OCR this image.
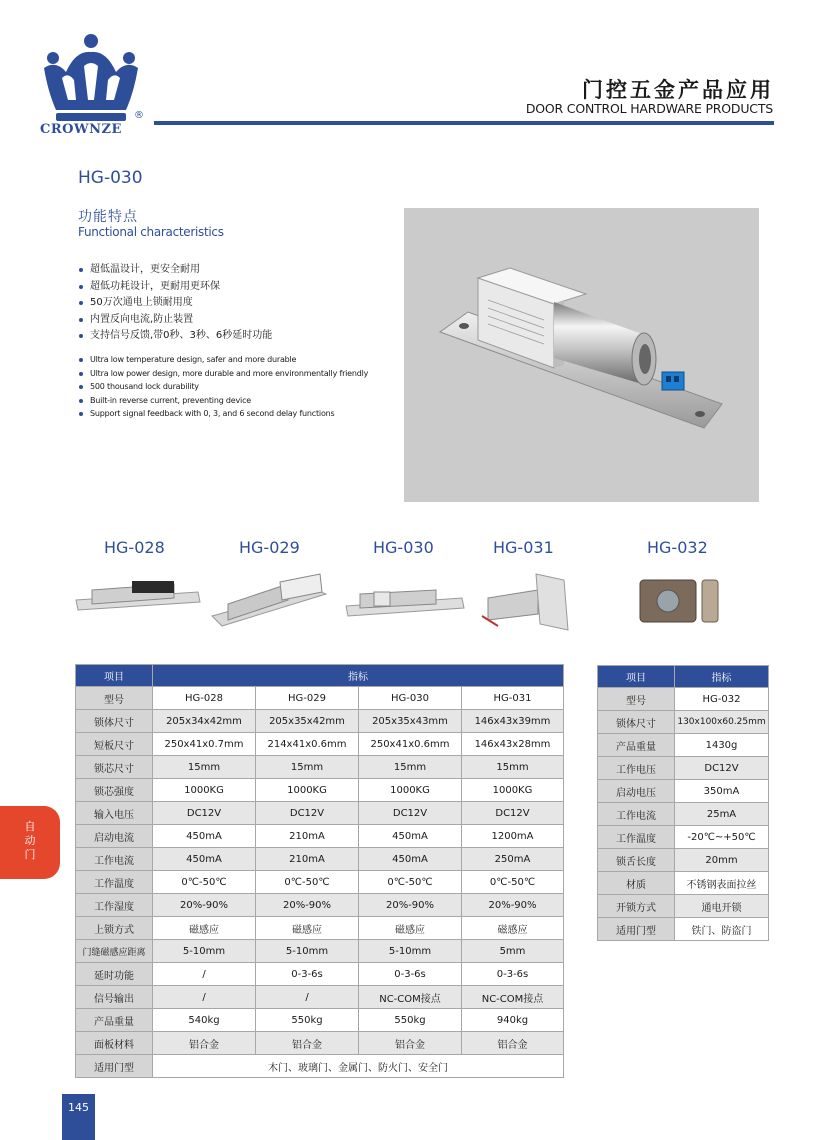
CROWNZE
®
门控五金产品应用
DOOR CONTROL HARDWARE PRODUCTS
HG-030
功能特点
Functional characteristics
超低温设计，更安全耐用
超低功耗设计，更耐用更环保
50万次通电上锁耐用度
内置反向电流,防止装置
支持信号反馈,带0秒、3秒、6秒延时功能
Ultra low temperature design, safer and more durable
Ultra low power design, more durable and more environmentally friendly
500 thousand lock durability
Built-in reverse current, preventing device
Support signal feedback with 0, 3, and 6 second delay functions
HG-028	HG-029	HG-030	HG-031	HG-032
项目	指标			
型号	HG-028	HG-029	HG-030	HG-031
锁体尺寸	205x34x42mm	205x35x42mm	205x35x43mm	146x43x39mm
短板尺寸	250x41x0.7mm	214x41x0.6mm	250x41x0.6mm	146x43x28mm
锁芯尺寸	15mm	15mm	15mm	15mm
锁芯强度	1000KG	1000KG	1000KG	1000KG
输入电压	DC12V	DC12V	DC12V	DC12V
启动电流	450mA	210mA	450mA	1200mA
工作电流	450mA	210mA	450mA	250mA
工作温度	0℃-50℃	0℃-50℃	0℃-50℃	0℃-50℃
工作湿度	20%-90%	20%-90%	20%-90%	20%-90%
上锁方式	磁感应	磁感应	磁感应	磁感应
门缝磁感应距离	5-10mm	5-10mm	5-10mm	5mm
延时功能	/	0-3-6s	0-3-6s	0-3-6s
信号输出	/	/	NC-COM接点	NC-COM接点
产品重量	540kg	550kg	550kg	940kg
面板材料	铝合金	铝合金	铝合金	铝合金
适用门型	木门、玻璃门、金属门、防火门、安全门			
项目	指标
型号	HG-032
锁体尺寸	130x100x60.25mm
产品重量	1430g
工作电压	DC12V
启动电压	350mA
工作电流	25mA
工作温度	-20℃~+50℃
锁舌长度	20mm
材质	不锈钢表面拉丝
开锁方式	通电开锁
适用门型	铁门、防盗门
自动门
145
